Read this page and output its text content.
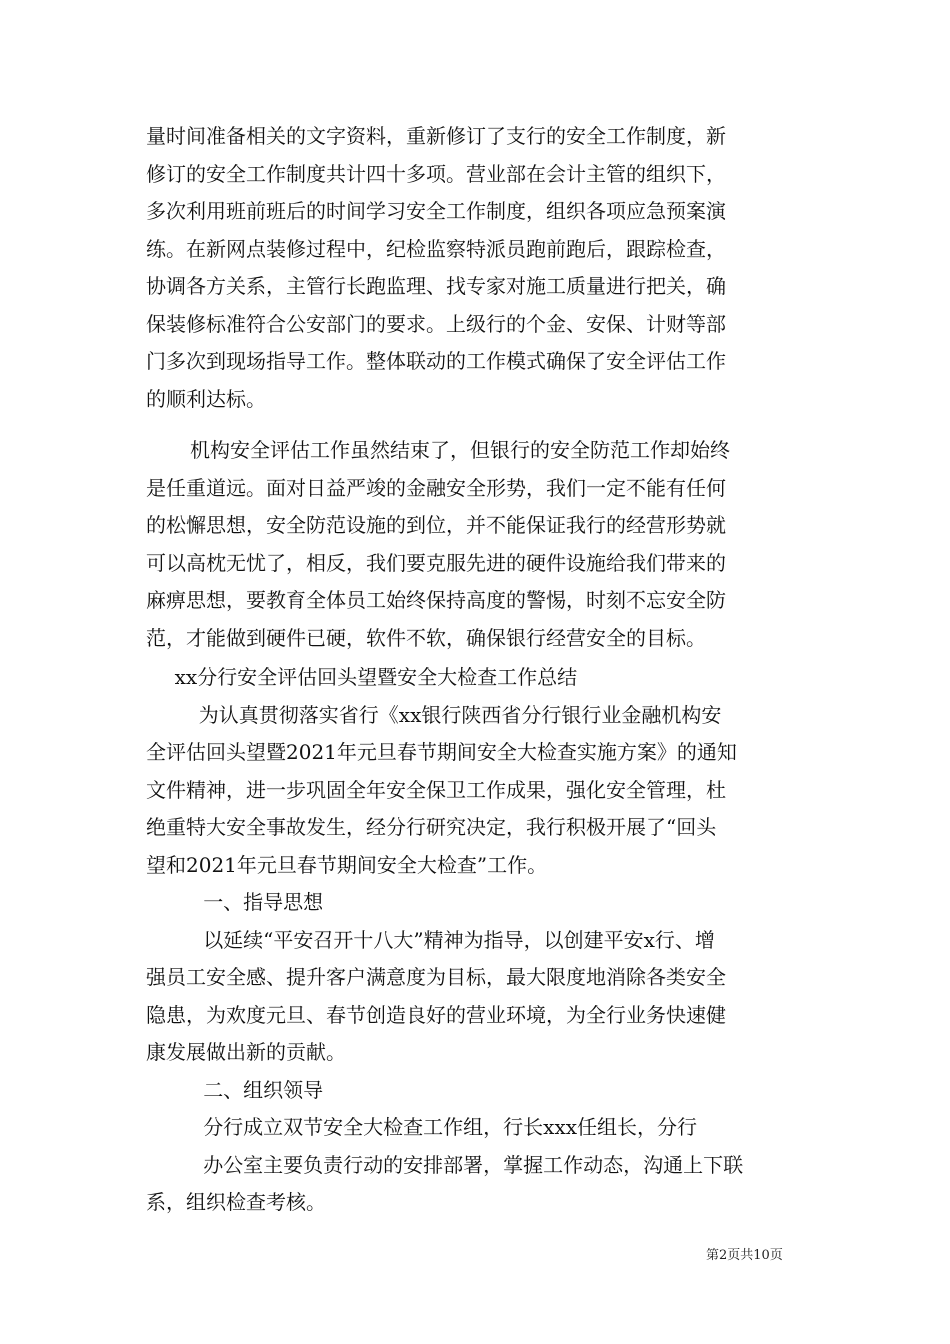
量时间准备相关的文字资料，重新修订了支行的安全工作制度，新
修订的安全工作制度共计四十多项。营业部在会计主管的组织下，
多次利用班前班后的时间学习安全工作制度，组织各项应急预案演
练。在新网点装修过程中，纪检监察特派员跑前跑后，跟踪检查，
协调各方关系，主管行长跑监理、找专家对施工质量进行把关，确
保装修标准符合公安部门的要求。上级行的个金、安保、计财等部
门多次到现场指导工作。整体联动的工作模式确保了安全评估工作
的顺利达标。
机构安全评估工作虽然结束了，但银行的安全防范工作却始终
是任重道远。面对日益严竣的金融安全形势，我们一定不能有任何
的松懈思想，安全防范设施的到位，并不能保证我行的经营形势就
可以高枕无忧了，相反，我们要克服先进的硬件设施给我们带来的
麻痹思想，要教育全体员工始终保持高度的警惕，时刻不忘安全防
范，才能做到硬件已硬，软件不软，确保银行经营安全的目标。
xx分行安全评估回头望暨安全大检查工作总结
为认真贯彻落实省行《xx银行陕西省分行银行业金融机构安
全评估回头望暨2021年元旦春节期间安全大检查实施方案》的通知
文件精神，进一步巩固全年安全保卫工作成果，强化安全管理，杜
绝重特大安全事故发生，经分行研究决定，我行积极开展了“回头
望和2021年元旦春节期间安全大检查”工作。
一、指导思想
以延续“平安召开十八大”精神为指导，以创建平安x行、增
强员工安全感、提升客户满意度为目标，最大限度地消除各类安全
隐患，为欢度元旦、春节创造良好的营业环境，为全行业务快速健
康发展做出新的贡献。
二、组织领导
分行成立双节安全大检查工作组，行长xxx任组长，分行
办公室主要负责行动的安排部署，掌握工作动态，沟通上下联
系，组织检查考核。
第2页共10页
